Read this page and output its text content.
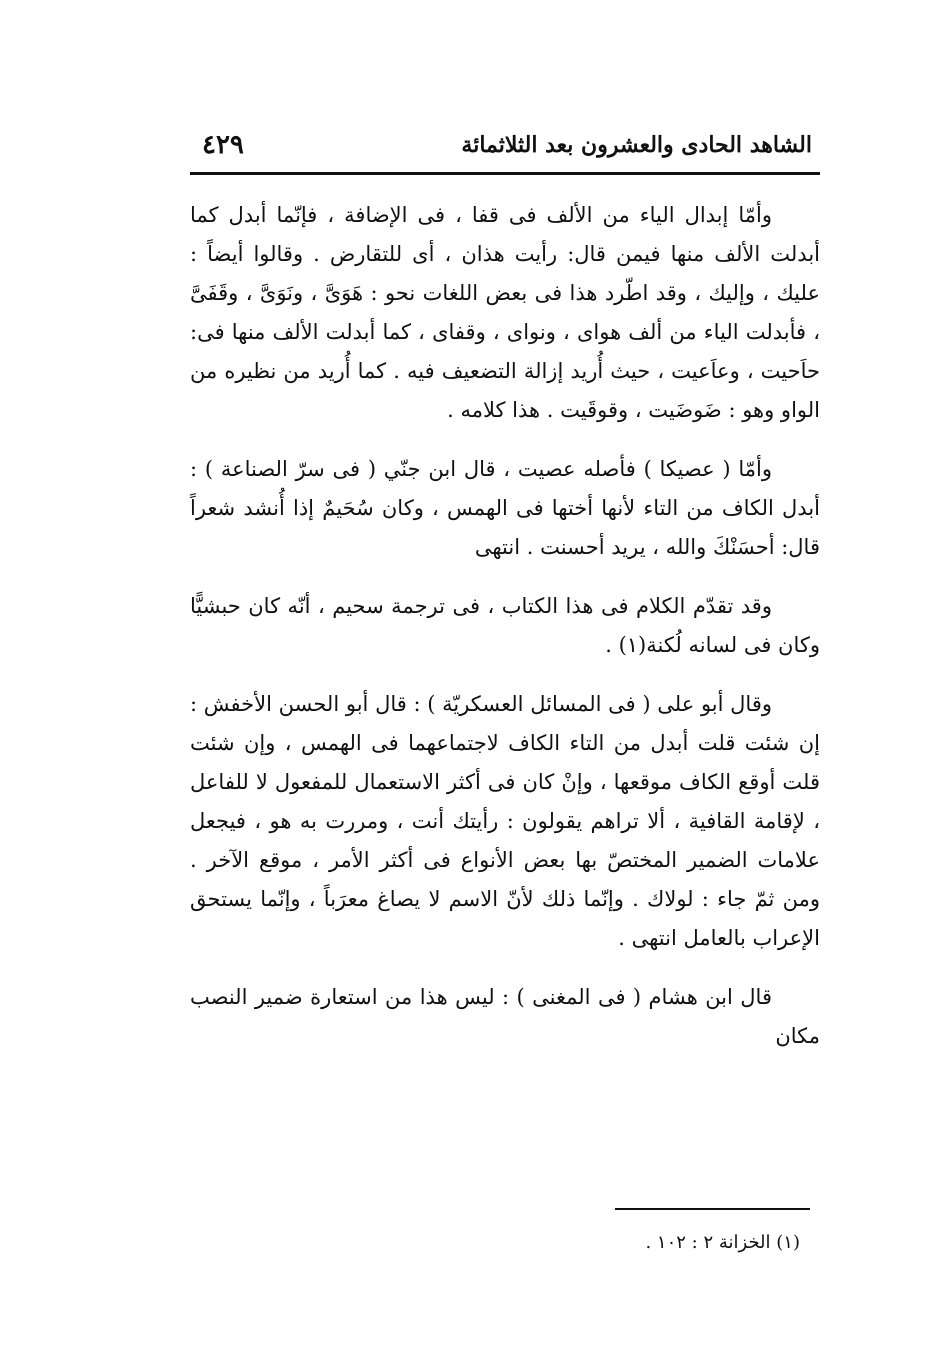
الشاهد الحادى والعشرون بعد الثلاثمائة
٤٢٩

وأمّا إبدال الياء من الألف فى قفا ، فى الإضافة ، فإنّما أبدل كما أبدلت الألف منها فيمن قال: رأيت هذان ، أى للتقارض . وقالوا أيضاً : عليك ، وإليك ، وقد اطّرد هذا فى بعض اللغات نحو : هَوَىَّ ، ونَوَىَّ ، وقَفَىَّ ، فأبدلت الياء من ألف هواى ، ونواى ، وقفاى ، كما أبدلت الألف منها فى: حاَحيت ، وعاَعيت ، حيث أُريد إزالة التضعيف فيه . كما أُريد من نظيره من الواو وهو : ضَوضَيت ، وقوقَيت . هذا كلامه .

وأمّا ( عصيكا ) فأصله عصيت ، قال ابن جنّي ( فى سرّ الصناعة ) : أبدل الكاف من التاء لأنها أختها فى الهمس ، وكان سُحَيمٌ إذا أُنشد شعراً قال: أحسَنْكَ والله ، يريد أحسنت . انتهى

وقد تقدّم الكلام فى هذا الكتاب ، فى ترجمة سحيم ، أنّه كان حبشيًّا وكان فى لسانه لُكنة(١) .

وقال أبو على ( فى المسائل العسكريّة ) : قال أبو الحسن الأخفش : إن شئت قلت أبدل من التاء الكاف لاجتماعهما فى الهمس ، وإن شئت قلت أوقع الكاف موقعها ، وإنْ كان فى أكثر الاستعمال للمفعول لا للفاعل ، لإقامة القافية ، ألا تراهم يقولون : رأيتك أنت ، ومررت به هو ، فيجعل علامات الضمير المختصّ بها بعض الأنواع فى أكثر الأمر ، موقع الآخر . ومن ثمّ جاء : لولاك . وإنّما ذلك لأنّ الاسم لا يصاغ معرَباً ، وإنّما يستحق الإعراب بالعامل انتهى .

قال ابن هشام ( فى المغنى ) : ليس هذا من استعارة ضمير النصب مكان

(١) الخزانة ٢ : ١٠٢ .
